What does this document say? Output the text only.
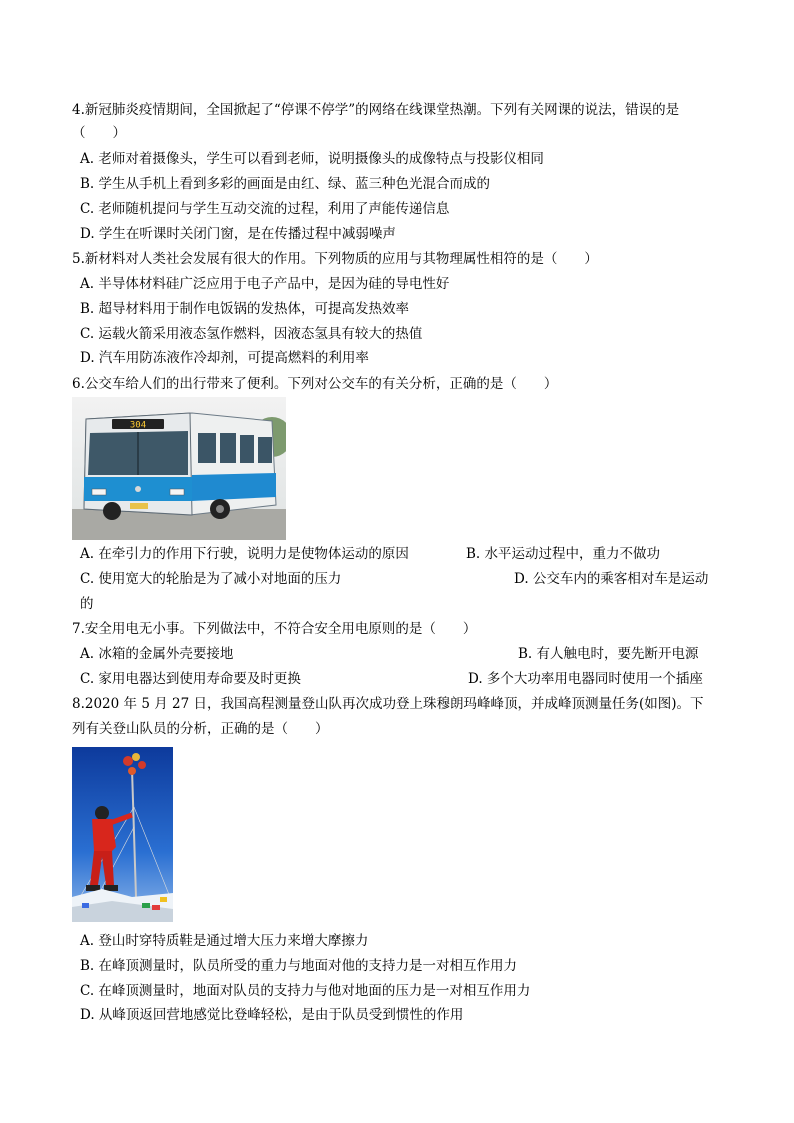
4.新冠肺炎疫情期间，全国掀起了“停课不停学”的网络在线课堂热潮。下列有关网课的说法，错误的是
（　　）
A. 老师对着摄像头，学生可以看到老师，说明摄像头的成像特点与投影仪相同
B. 学生从手机上看到多彩的画面是由红、绿、蓝三种色光混合而成的
C. 老师随机提问与学生互动交流的过程，利用了声能传递信息
D. 学生在听课时关闭门窗，是在传播过程中减弱噪声
5.新材料对人类社会发展有很大的作用。下列物质的应用与其物理属性相符的是（　　）
A. 半导体材料硅广泛应用于电子产品中，是因为硅的导电性好
B. 超导材料用于制作电饭锅的发热体，可提高发热效率
C. 运载火箭采用液态氢作燃料，因液态氢具有较大的热值
D. 汽车用防冻液作冷却剂，可提高燃料的利用率
6.公交车给人们的出行带来了便利。下列对公交车的有关分析，正确的是（　　）
304
A. 在牵引力的作用下行驶，说明力是使物体运动的原因	B. 水平运动过程中，重力不做功
C. 使用宽大的轮胎是为了减小对地面的压力	D. 公交车内的乘客相对车是运动
的
7.安全用电无小事。下列做法中，不符合安全用电原则的是（　　）
A. 冰箱的金属外壳要接地	B. 有人触电时，要先断开电源
C. 家用电器达到使用寿命要及时更换	D. 多个大功率用电器同时使用一个插座
8.2020 年 5 月 27 日，我国高程测量登山队再次成功登上珠穆朗玛峰峰顶，并成峰顶测量任务(如图)。下
列有关登山队员的分析，正确的是（　　）
A. 登山时穿特质鞋是通过增大压力来增大摩擦力
B. 在峰顶测量时，队员所受的重力与地面对他的支持力是一对相互作用力
C. 在峰顶测量时，地面对队员的支持力与他对地面的压力是一对相互作用力
D. 从峰顶返回营地感觉比登峰轻松，是由于队员受到惯性的作用
